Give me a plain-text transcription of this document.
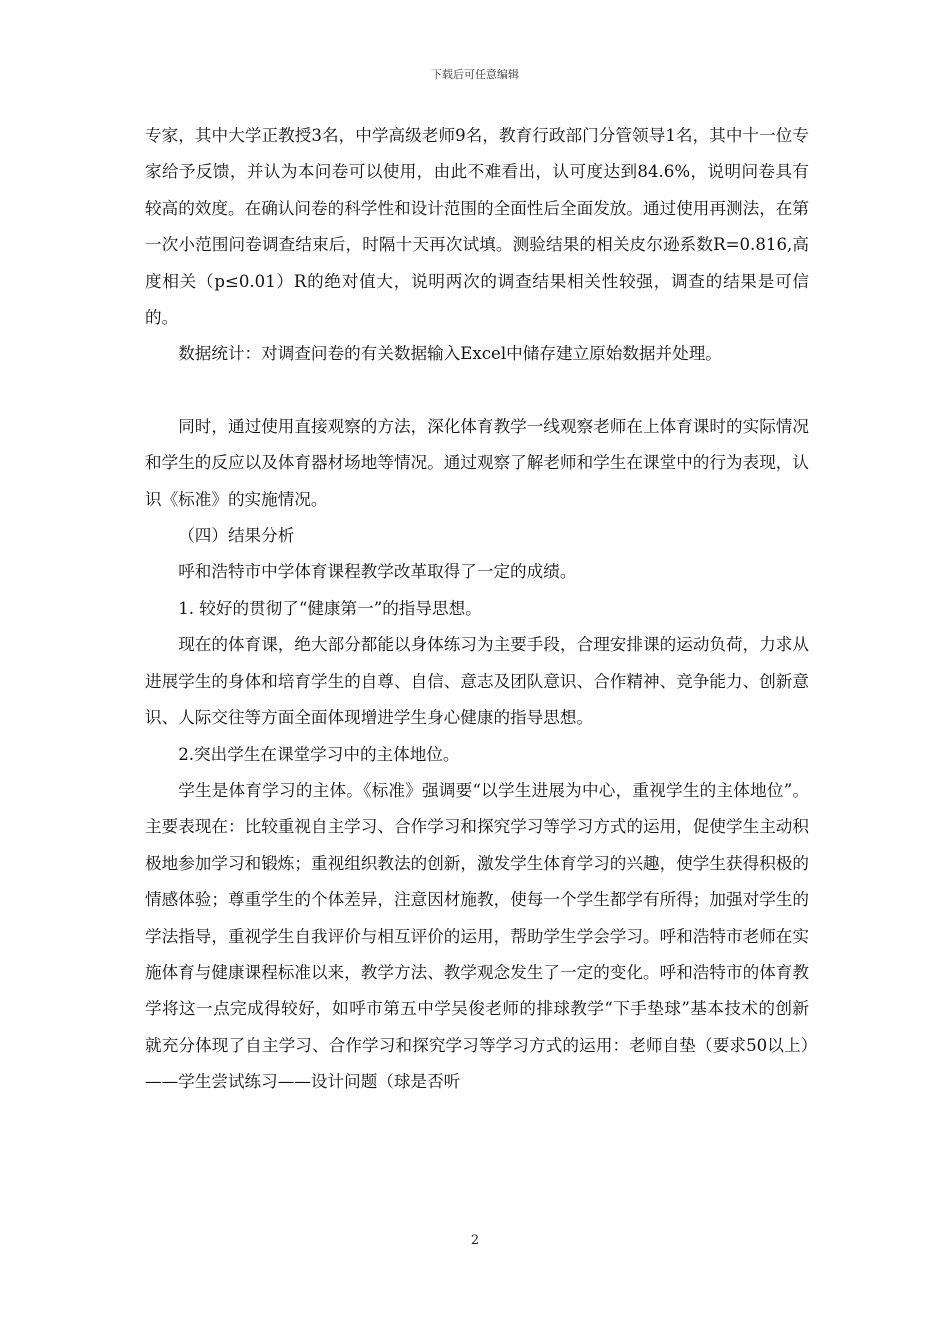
下载后可任意编辑

专家，其中大学正教授3名，中学高级老师9名，教育行政部门分管领导1名，其中十一位专家给予反馈，并认为本问卷可以使用，由此不难看出，认可度达到84.6%，说明问卷具有较高的效度。在确认问卷的科学性和设计范围的全面性后全面发放。通过使用再测法，在第一次小范围问卷调查结束后，时隔十天再次试填。测验结果的相关皮尔逊系数R=0.816,高度相关（p≤0.01）R的绝对值大，说明两次的调查结果相关性较强，调查的结果是可信的。

数据统计：对调查问卷的有关数据输入Excel中储存建立原始数据并处理。

同时，通过使用直接观察的方法，深化体育教学一线观察老师在上体育课时的实际情况和学生的反应以及体育器材场地等情况。通过观察了解老师和学生在课堂中的行为表现，认识《标准》的实施情况。

（四）结果分析

呼和浩特市中学体育课程教学改革取得了一定的成绩。

1. 较好的贯彻了“健康第一”的指导思想。

现在的体育课，绝大部分都能以身体练习为主要手段，合理安排课的运动负荷，力求从进展学生的身体和培育学生的自尊、自信、意志及团队意识、合作精神、竞争能力、创新意识、人际交往等方面全面体现增进学生身心健康的指导思想。

2.突出学生在课堂学习中的主体地位。

学生是体育学习的主体。《标准》强调要“以学生进展为中心，重视学生的主体地位”。主要表现在：比较重视自主学习、合作学习和探究学习等学习方式的运用，促使学生主动积极地参加学习和锻炼；重视组织教法的创新，激发学生体育学习的兴趣，使学生获得积极的情感体验；尊重学生的个体差异，注意因材施教，使每一个学生都学有所得；加强对学生的学法指导，重视学生自我评价与相互评价的运用，帮助学生学会学习。呼和浩特市老师在实施体育与健康课程标准以来，教学方法、教学观念发生了一定的变化。呼和浩特市的体育教学将这一点完成得较好，如呼市第五中学吴俊老师的排球教学“下手垫球”基本技术的创新就充分体现了自主学习、合作学习和探究学习等学习方式的运用：老师自垫（要求50以上）——学生尝试练习——设计问题（球是否听

2
